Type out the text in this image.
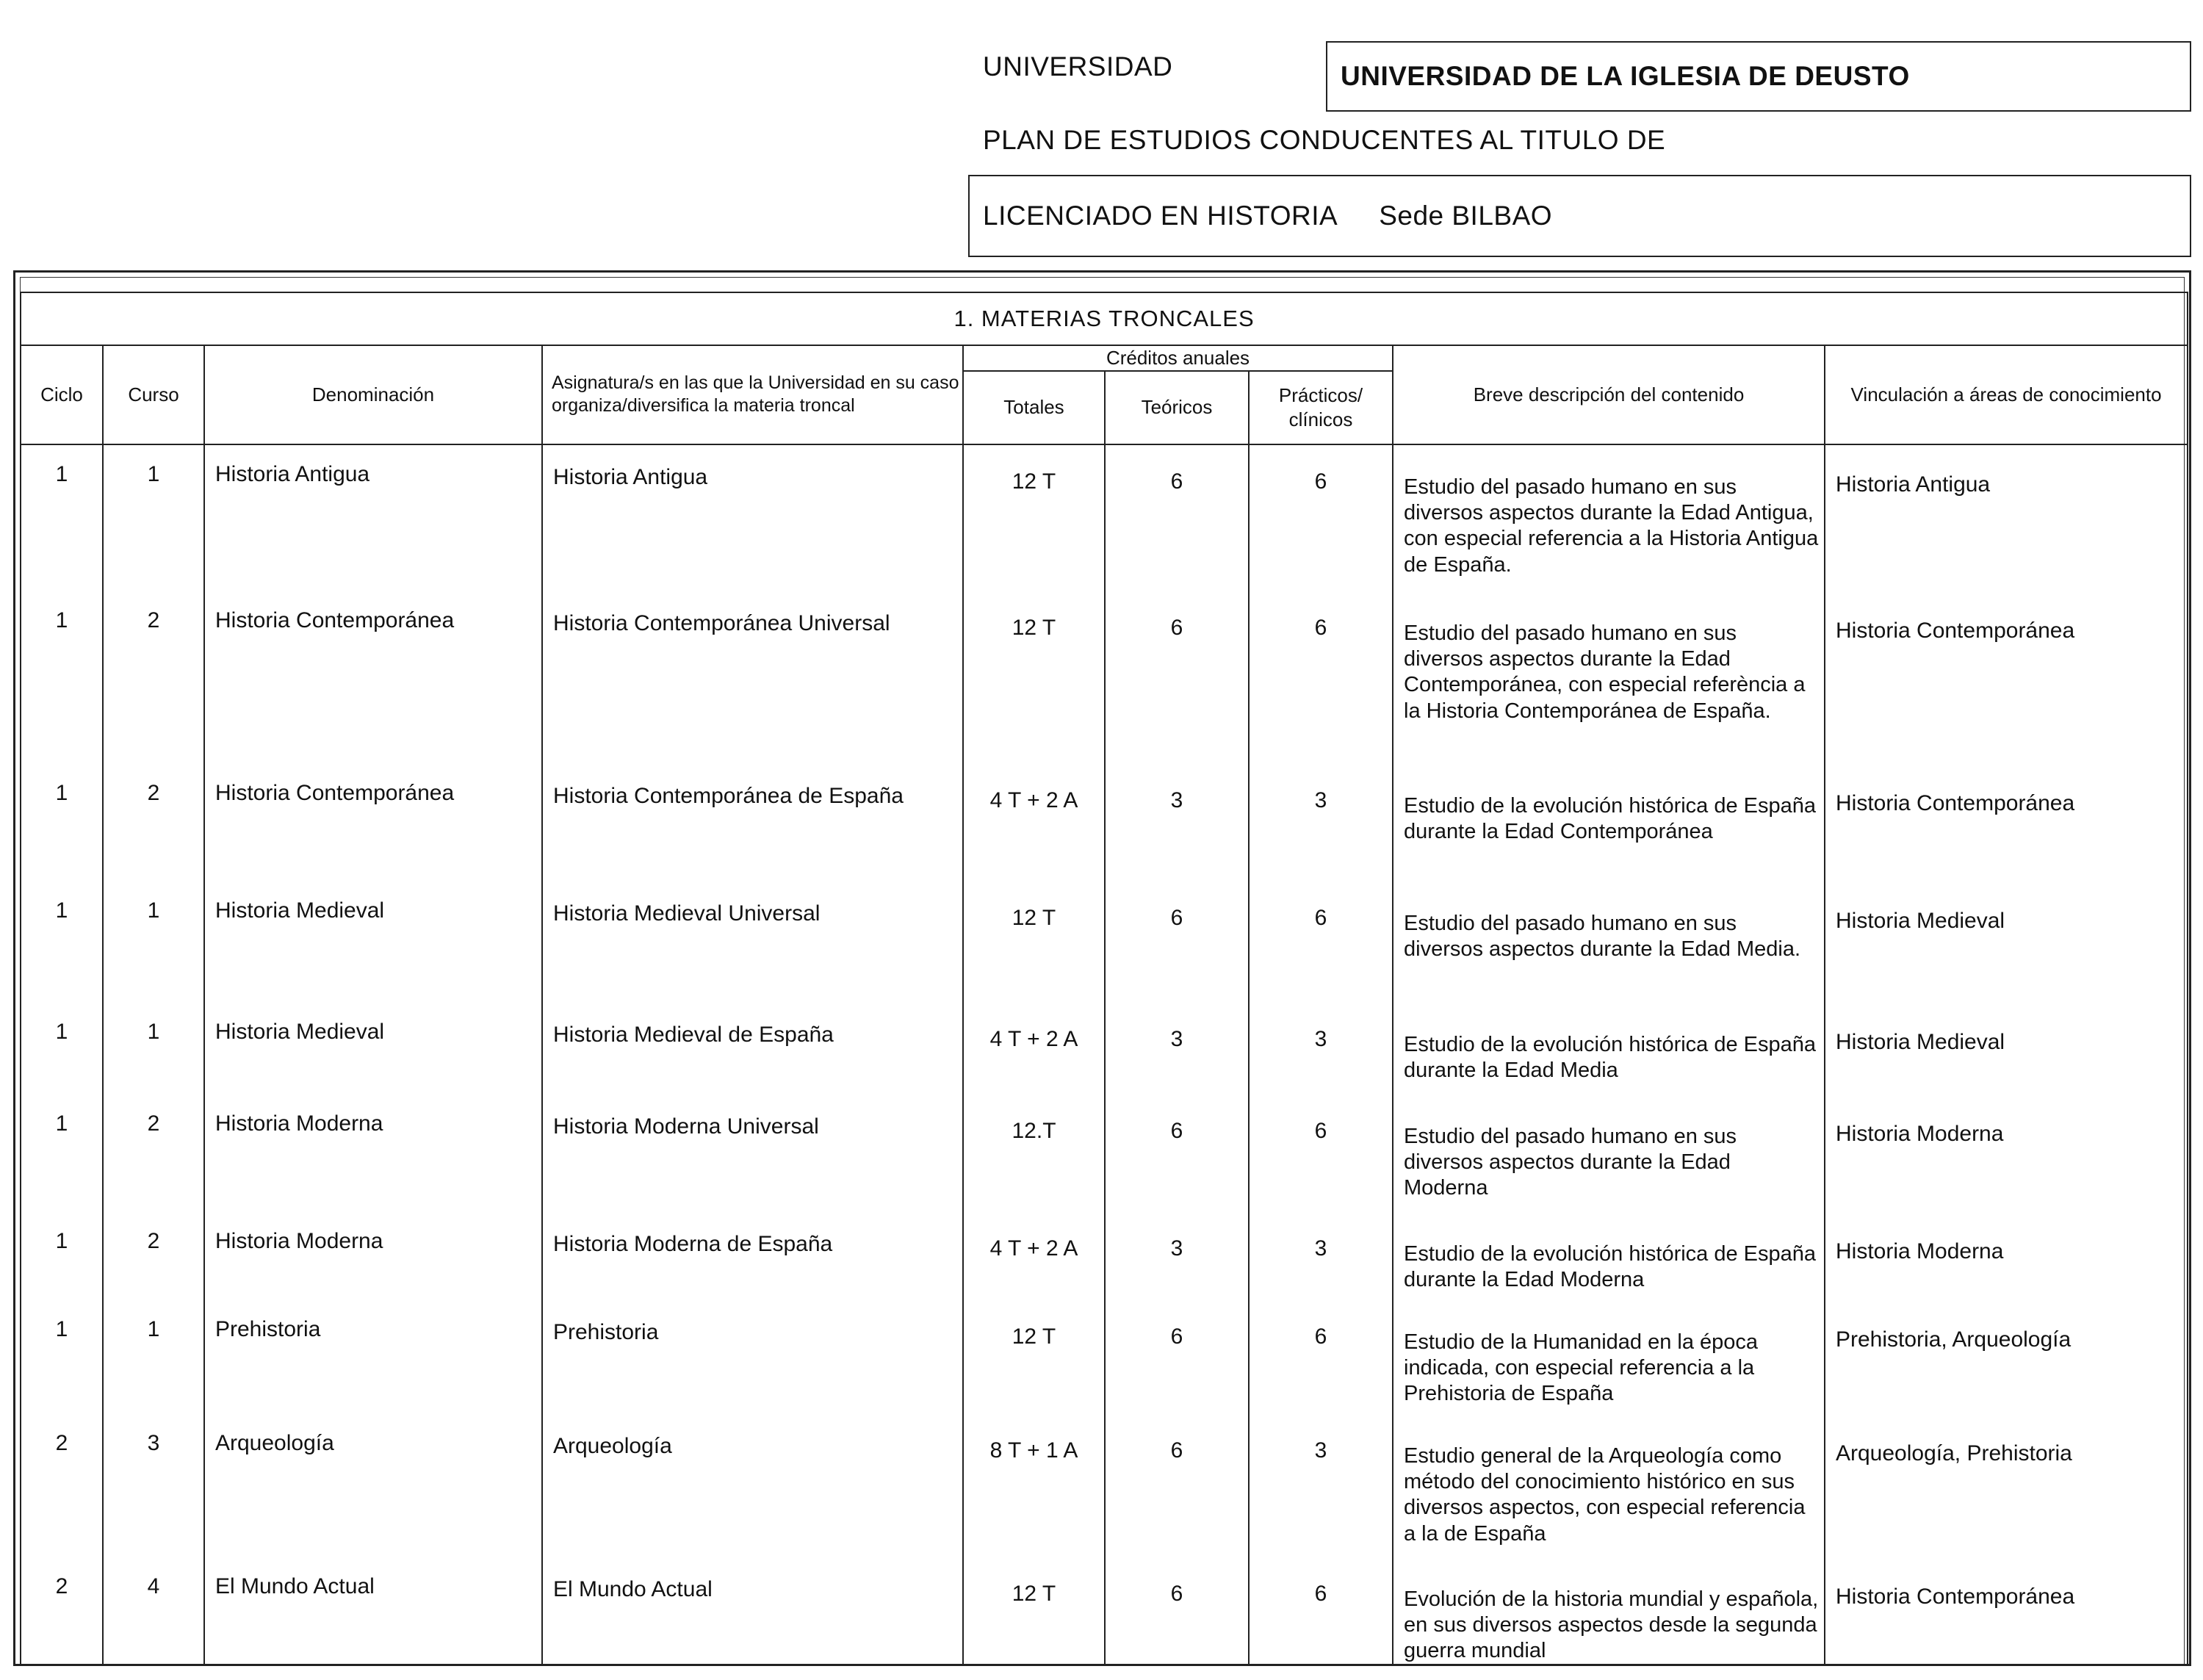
UNIVERSIDAD	UNIVERSIDAD DE LA IGLESIA DE DEUSTO
PLAN DE ESTUDIOS CONDUCENTES AL TITULO DE
LICENCIADO EN HISTORIA Sede BILBAO
1. MATERIAS TRONCALES								
Ciclo	Curso	Denominación	Asignatura/s en las que la Universidad en su caso organiza/diversifica la materia troncal	Créditos anuales			Breve descripción del contenido	Vinculación a áreas de conocimiento
				Totales	Teóricos	Prácticos/ clínicos		
1	1	Historia Antigua	Historia Antigua	12 T	6	6	Estudio del pasado humano en sus diversos aspectos durante la Edad Antigua, con especial referencia a la Historia Antigua de España.	Historia Antigua
1	2	Historia Contemporánea	Historia Contemporánea Universal	12 T	6	6	Estudio del pasado humano en sus diversos aspectos durante la Edad Contemporánea, con especial referència a la Historia Contemporánea de España.	Historia Contemporánea
1	2	Historia Contemporánea	Historia Contemporánea de España	4 T + 2 A	3	3	Estudio de la evolución histórica de España durante la Edad Contemporánea	Historia Contemporánea
1	1	Historia Medieval	Historia Medieval Universal	12 T	6	6	Estudio del pasado humano en sus diversos aspectos durante la Edad Media.	Historia Medieval
1	1	Historia Medieval	Historia Medieval de España	4 T + 2 A	3	3	Estudio de la evolución histórica de España durante la Edad Media	Historia Medieval
1	2	Historia Moderna	Historia Moderna Universal	12.T	6	6	Estudio del pasado humano en sus diversos aspectos durante la Edad Moderna	Historia Moderna
1	2	Historia Moderna	Historia Moderna de España	4 T + 2 A	3	3	Estudio de la evolución histórica de España durante la Edad Moderna	Historia Moderna
1	1	Prehistoria	Prehistoria	12 T	6	6	Estudio de la Humanidad en la época indicada, con especial referencia a la Prehistoria de España	Prehistoria, Arqueología
2	3	Arqueología	Arqueología	8 T + 1 A	6	3	Estudio general de la Arqueología como método del conocimiento histórico en sus diversos aspectos, con especial referencia a la de España	Arqueología, Prehistoria
2	4	El Mundo Actual	El Mundo Actual	12 T	6	6	Evolución de la historia mundial y española, en sus diversos aspectos desde la segunda guerra mundial	Historia Contemporánea
